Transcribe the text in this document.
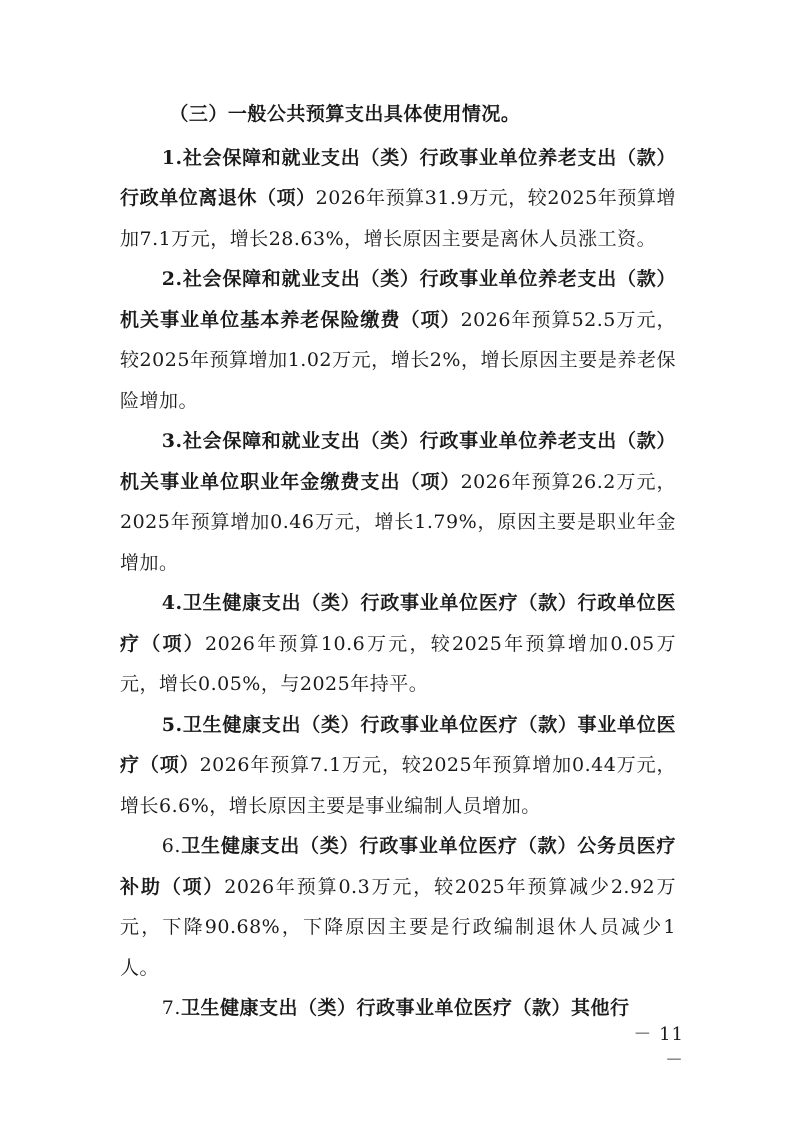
（三）一般公共预算支出具体使用情况。

1.社会保障和就业支出（类）行政事业单位养老支出（款）行政单位离退休（项）2026年预算31.9万元，较2025年预算增加7.1万元，增长28.63%，增长原因主要是离休人员涨工资。

2.社会保障和就业支出（类）行政事业单位养老支出（款）机关事业单位基本养老保险缴费（项）2026年预算52.5万元，较2025年预算增加1.02万元，增长2%，增长原因主要是养老保险增加。

3.社会保障和就业支出（类）行政事业单位养老支出（款）机关事业单位职业年金缴费支出（项）2026年预算26.2万元，2025年预算增加0.46万元，增长1.79%，原因主要是职业年金增加。

4.卫生健康支出（类）行政事业单位医疗（款）行政单位医疗（项）2026年预算10.6万元，较2025年预算增加0.05万元，增长0.05%，与2025年持平。

5.卫生健康支出（类）行政事业单位医疗（款）事业单位医疗（项）2026年预算7.1万元，较2025年预算增加0.44万元，增长6.6%，增长原因主要是事业编制人员增加。

6.卫生健康支出（类）行政事业单位医疗（款）公务员医疗补助（项）2026年预算0.3万元，较2025年预算减少2.92万元，下降90.68%，下降原因主要是行政编制退休人员减少1人。

7.卫生健康支出（类）行政事业单位医疗（款）其他行

－ 11 －
